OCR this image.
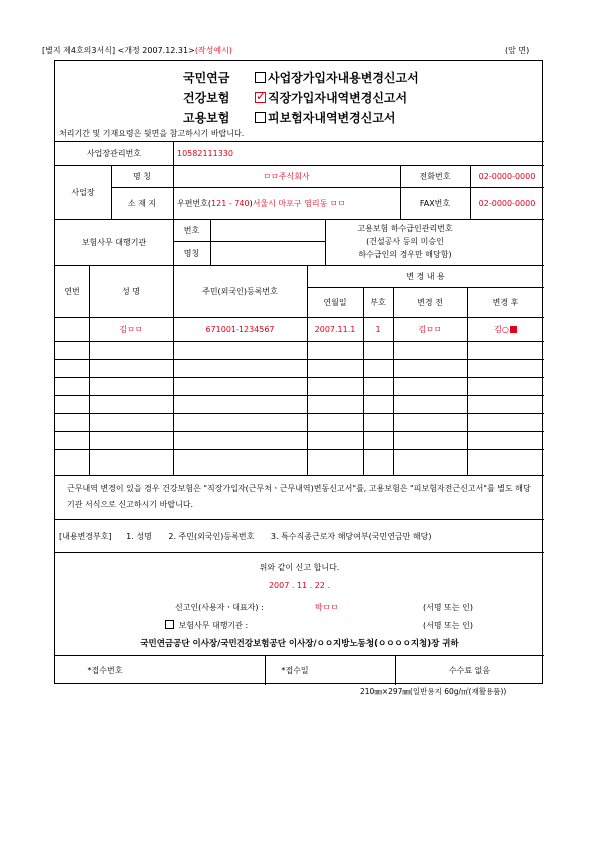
[별지 제4호의3서식] <개정 2007.12.31>(작성예시)	(앞 면)
국민연금	사업장가입자내용변경신고서
건강보험✓	직장가입자내역변경신고서
고용보험	피보험자내역변경신고서
처리기간 및 기재요령은 뒷면을 참고하시기 바랍니다.
사업장관리번호	10582111330
사업장
명 칭	ㅁㅁ주식회사	전화번호	02-0000-0000
소 재 지	우편번호( 121 - 740 ) 서울시 마포구 염리동 ㅁㅁ	FAX번호	02-0000-0000
보험사무 대행기관
번호
명칭
고용보험 하수급인관리번호
(건설공사 등의 미승인
하수급인의 경우만 해당함)
연번	성 명	주민(외국인)등록번호
변 경 내 용
연월일	부호	변경 전	변경 후
김ㅁㅁ	671001-1234567	2007.11.1	1	김ㅁㅁ	김○
근무내역 변경이 있을 경우 건강보험은 "직장가입자(근무처ㆍ근무내역)변동신고서"를, 고용보험은 "피보험자전근신고서"를 별도 해당기관 서식으로 신고하시기 바랍니다.
[내용변경부호] 1. 성명 2. 주민(외국인)등록번호 3. 특수직종근로자 해당여부(국민연금만 해당)
위와 같이 신고 합니다.
2007 . 11 . 22 .
신고인(사용자ㆍ대표자) :	박ㅁㅁ	(서명 또는 인)
보험사무 대행기관 :	(서명 또는 인)
국민연금공단 이사장/국민건강보험공단 이사장/ㅇㅇ지방노동청(ㅇㅇㅇㅇ지청)장 귀하
*접수번호	*접수일	수수료 없음
210㎜×297㎜(일반용지 60g/㎡(재활용품))
